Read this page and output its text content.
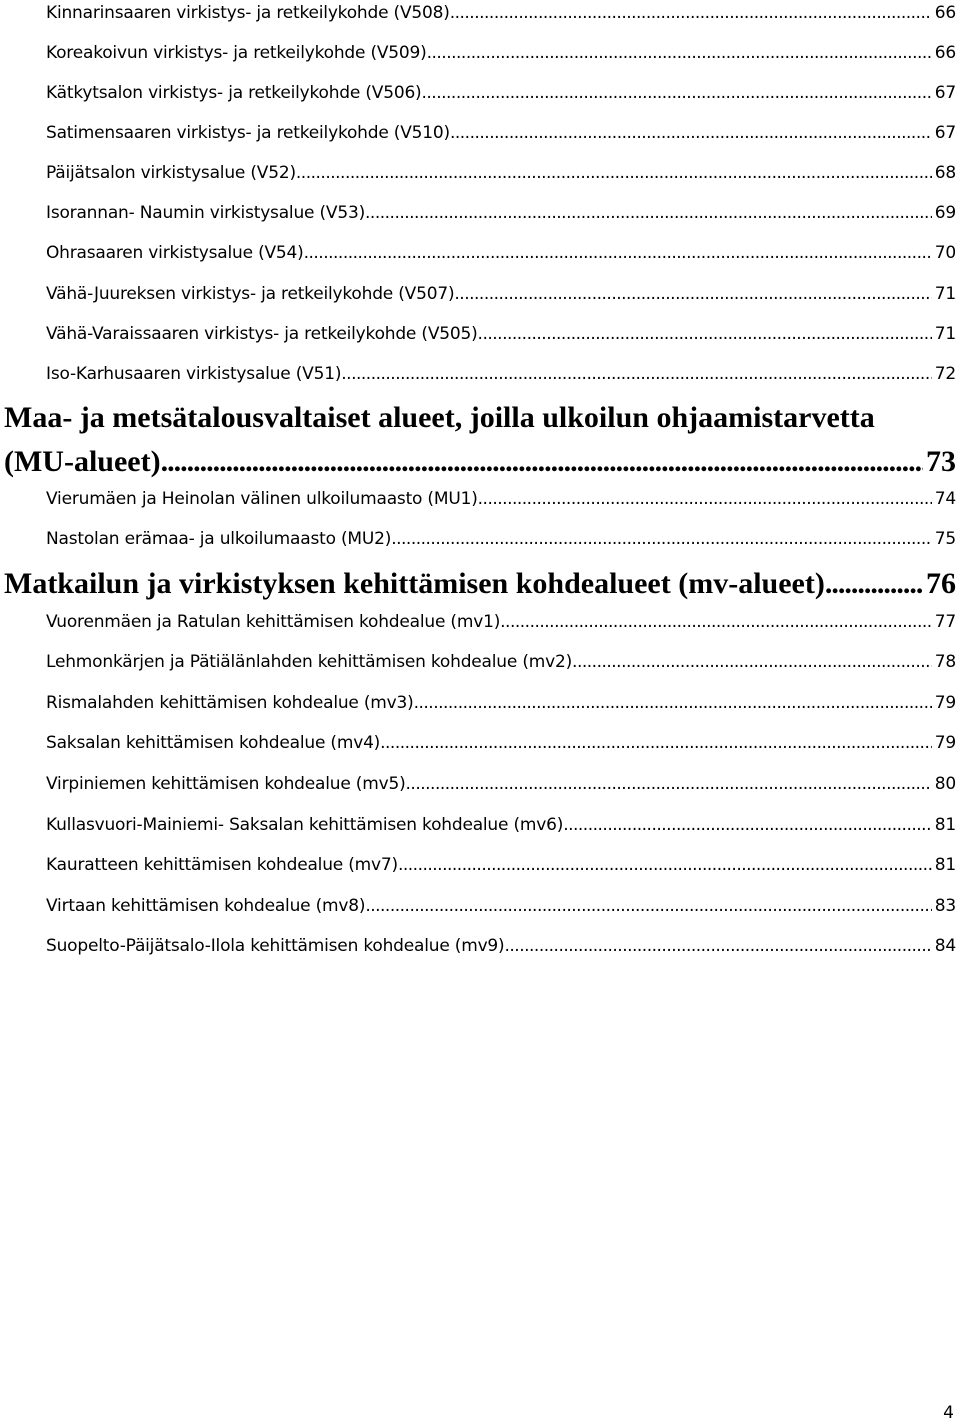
Kinnarinsaaren virkistys- ja retkeilykohde (V508) .....	66
Koreakoivun virkistys- ja retkeilykohde (V509) .....	66
Kätkytsalon virkistys- ja retkeilykohde (V506) .....	67
Satimensaaren virkistys- ja retkeilykohde (V510) .....	67
Päijätsalon virkistysalue (V52) .....	68
Isorannan- Naumin virkistysalue (V53) .....	69
Ohrasaaren virkistysalue (V54) .....	70
Vähä-Juureksen virkistys- ja retkeilykohde (V507) .....	71
Vähä-Varaissaaren virkistys- ja retkeilykohde (V505) .....	71
Iso-Karhusaaren virkistysalue (V51) .....	72
Maa- ja metsätalousvaltaiset alueet, joilla ulkoilun ohjaamistarvetta
(MU-alueet) .....	73
Vierumäen ja Heinolan välinen ulkoilumaasto (MU1) .....	74
Nastolan erämaa- ja ulkoilumaasto (MU2) .....	75
Matkailun ja virkistyksen kehittämisen kohdealueet (mv-alueet) .....	76
Vuorenmäen ja Ratulan kehittämisen kohdealue (mv1) .....	77
Lehmonkärjen ja Pätiälänlahden kehittämisen kohdealue (mv2) .....	78
Rismalahden kehittämisen kohdealue (mv3) .....	79
Saksalan kehittämisen kohdealue (mv4) .....	79
Virpiniemen kehittämisen kohdealue (mv5) .....	80
Kullasvuori-Mainiemi- Saksalan kehittämisen kohdealue (mv6) .....	81
Kauratteen kehittämisen kohdealue (mv7) .....	81
Virtaan kehittämisen kohdealue (mv8) .....	83
Suopelto-Päijätsalo-Ilola kehittämisen kohdealue (mv9) .....	84
4
